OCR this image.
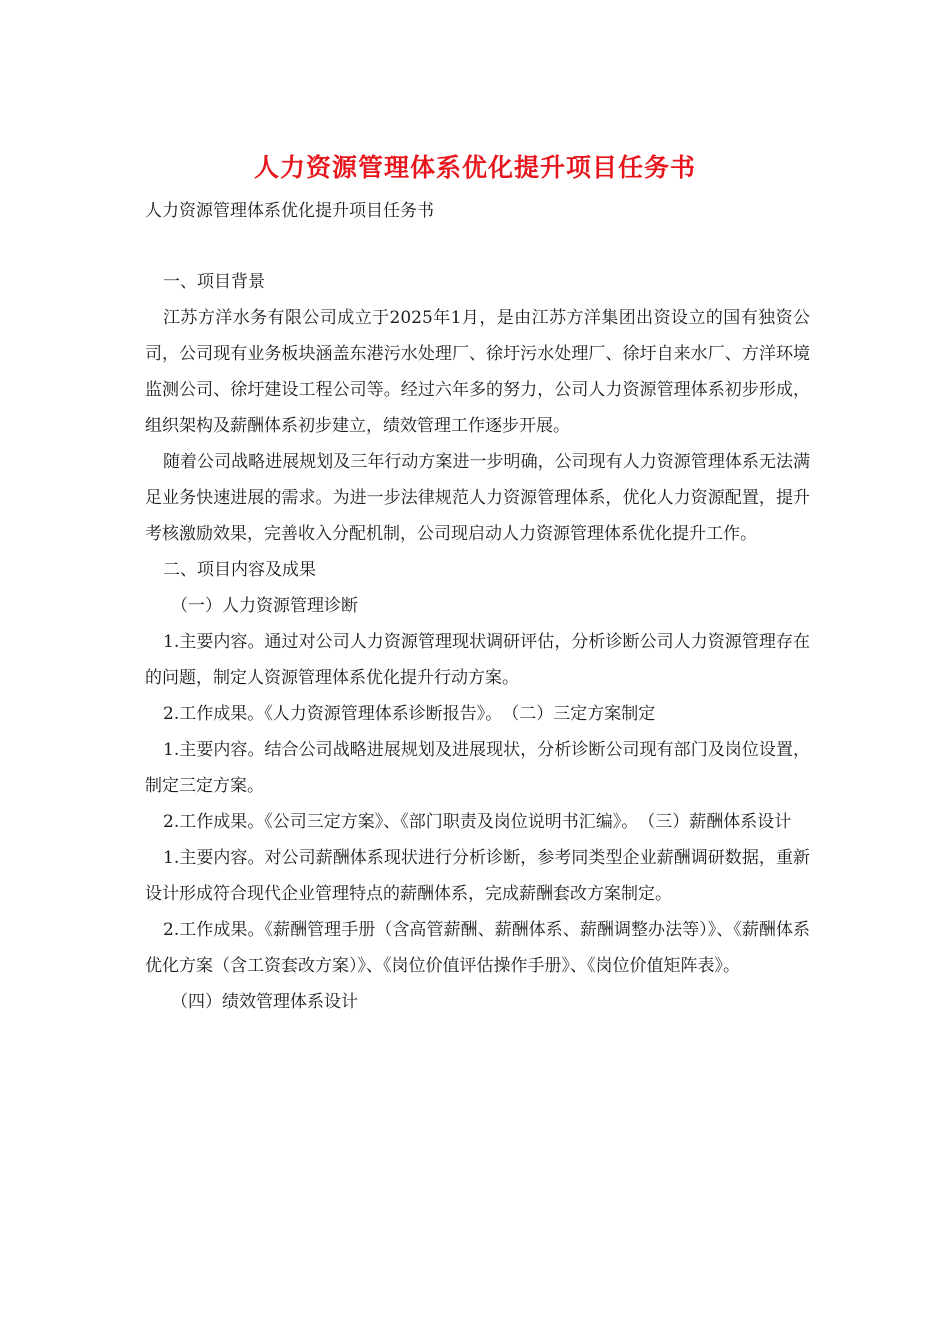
人力资源管理体系优化提升项目任务书
人力资源管理体系优化提升项目任务书

一、项目背景

江苏方洋水务有限公司成立于2025年1月，是由江苏方洋集团出资设立的国有独资公司，公司现有业务板块涵盖东港污水处理厂、徐圩污水处理厂、徐圩自来水厂、方洋环境监测公司、徐圩建设工程公司等。经过六年多的努力，公司人力资源管理体系初步形成，组织架构及薪酬体系初步建立，绩效管理工作逐步开展。

随着公司战略进展规划及三年行动方案进一步明确，公司现有人力资源管理体系无法满足业务快速进展的需求。为进一步法律规范人力资源管理体系，优化人力资源配置，提升考核激励效果，完善收入分配机制，公司现启动人力资源管理体系优化提升工作。

二、项目内容及成果

（一）人力资源管理诊断

1.主要内容。通过对公司人力资源管理现状调研评估，分析诊断公司人力资源管理存在的问题，制定人资源管理体系优化提升行动方案。

2.工作成果。《人力资源管理体系诊断报告》。　（二）三定方案制定

1.主要内容。结合公司战略进展规划及进展现状，分析诊断公司现有部门及岗位设置，制定三定方案。

2.工作成果。《公司三定方案》、《部门职责及岗位说明书汇编》。　（三）薪酬体系设计

1.主要内容。对公司薪酬体系现状进行分析诊断，参考同类型企业薪酬调研数据，重新设计形成符合现代企业管理特点的薪酬体系，完成薪酬套改方案制定。

2.工作成果。《薪酬管理手册（含高管薪酬、薪酬体系、薪酬调整办法等）》、《薪酬体系优化方案（含工资套改方案）》、《岗位价值评估操作手册》、《岗位价值矩阵表》。

（四）绩效管理体系设计
